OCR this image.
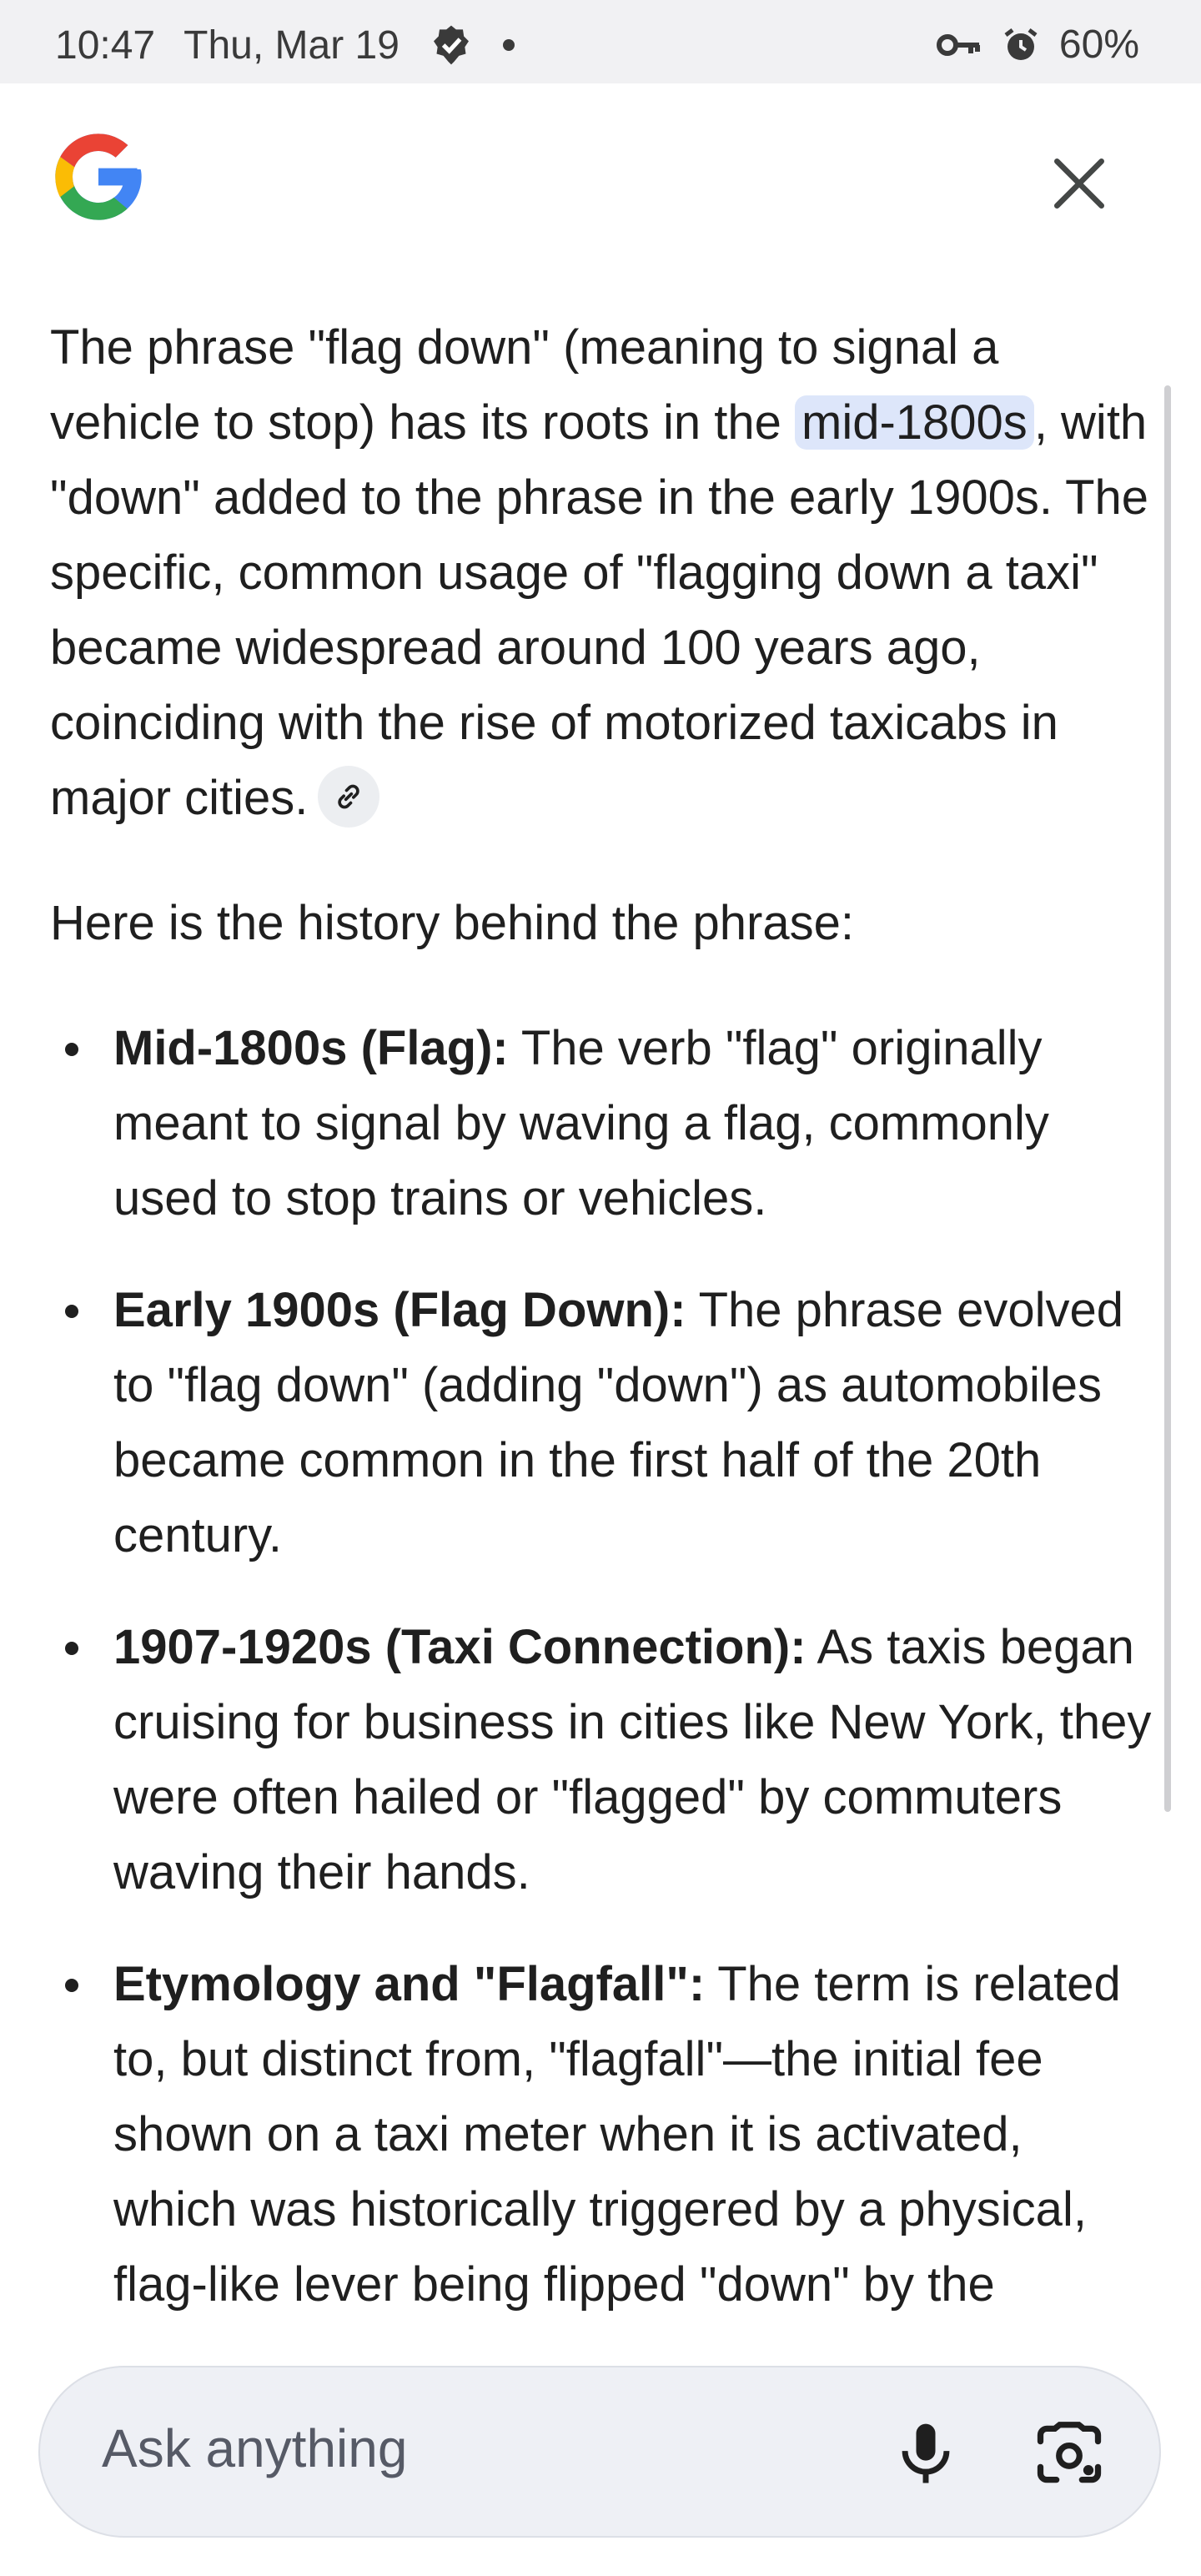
10:47 Thu, Mar 19	60%

The phrase "flag down" (meaning to signal a vehicle to stop) has its roots in the mid-1800s , with "down" added to the phrase in the early 1900s. The specific, common usage of "flagging down a taxi" became widespread around 100 years ago, coinciding with the rise of motorized taxicabs in major cities.

Here is the history behind the phrase:

Mid-1800s (Flag): The verb "flag" originally meant to signal by waving a flag, commonly used to stop trains or vehicles.
Early 1900s (Flag Down): The phrase evolved to "flag down" (adding "down") as automobiles became common in the first half of the 20th century.
1907-1920s (Taxi Connection): As taxis began cruising for business in cities like New York, they were often hailed or "flagged" by commuters waving their hands.
Etymology and "Flagfall": The term is related to, but distinct from, "flagfall"—the initial fee shown on a taxi meter when it is activated, which was historically triggered by a physical, flag-like lever being flipped "down" by the
Ask anything
